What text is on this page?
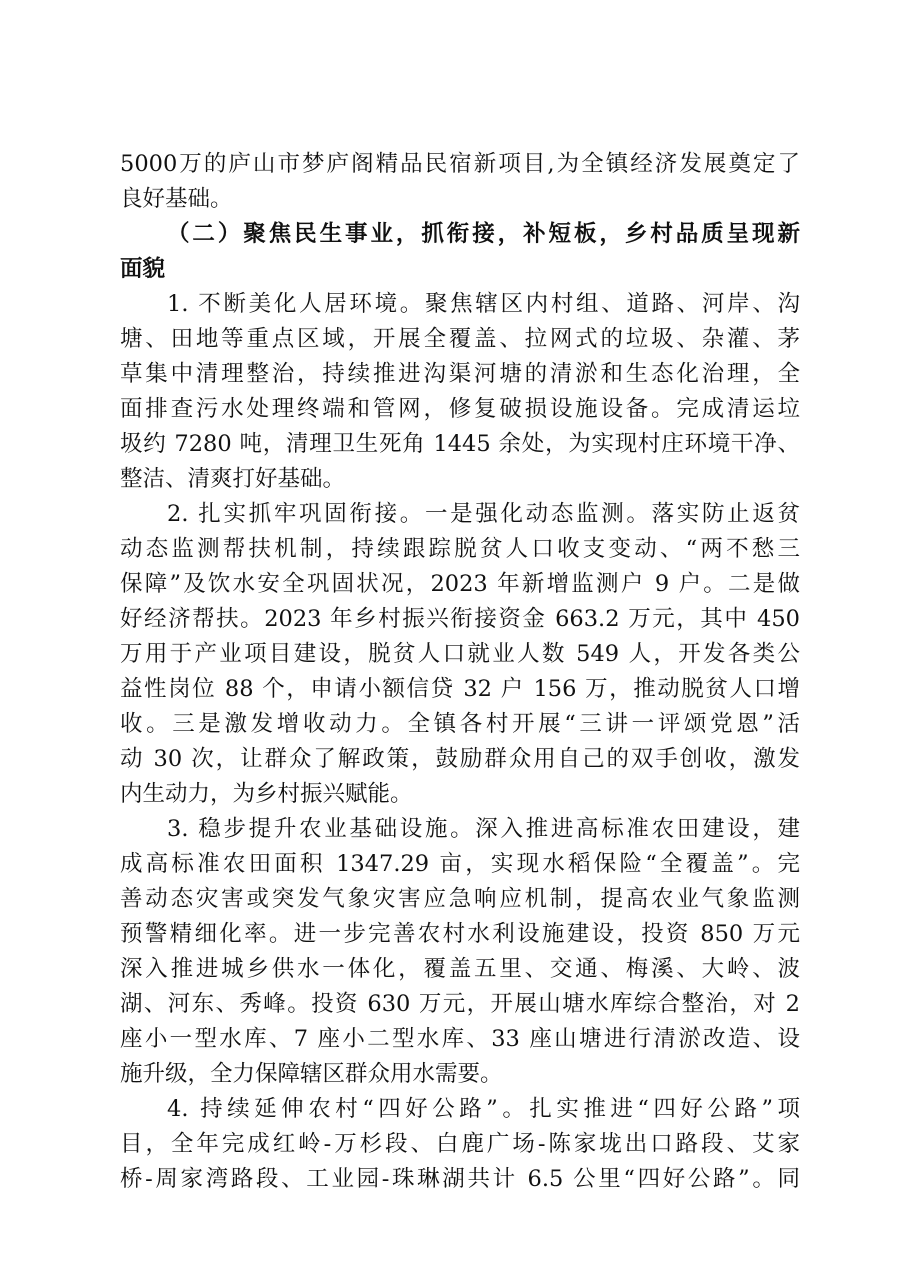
5000万的庐山市梦庐阁精品民宿新项目,为全镇经济发展奠定了
良好基础。
（二）聚焦民生事业，抓衔接，补短板，乡村品质呈现新
面貌
1. 不断美化人居环境。聚焦辖区内村组、道路、河岸、沟
塘、田地等重点区域，开展全覆盖、拉网式的垃圾、杂灌、茅
草集中清理整治，持续推进沟渠河塘的清淤和生态化治理，全
面排查污水处理终端和管网，修复破损设施设备。完成清运垃
圾约 7280 吨，清理卫生死角 1445 余处，为实现村庄环境干净、
整洁、清爽打好基础。
2. 扎实抓牢巩固衔接。一是强化动态监测。落实防止返贫
动态监测帮扶机制，持续跟踪脱贫人口收支变动、“两不愁三
保障”及饮水安全巩固状况，2023 年新增监测户 9 户。二是做
好经济帮扶。2023 年乡村振兴衔接资金 663.2 万元，其中 450
万用于产业项目建设，脱贫人口就业人数 549 人，开发各类公
益性岗位 88 个，申请小额信贷 32 户 156 万，推动脱贫人口增
收。三是激发增收动力。全镇各村开展“三讲一评颂党恩”活
动 30 次，让群众了解政策，鼓励群众用自己的双手创收，激发
内生动力，为乡村振兴赋能。
3. 稳步提升农业基础设施。深入推进高标准农田建设，建
成高标准农田面积 1347.29 亩，实现水稻保险“全覆盖”。完
善动态灾害或突发气象灾害应急响应机制，提高农业气象监测
预警精细化率。进一步完善农村水利设施建设，投资 850 万元
深入推进城乡供水一体化，覆盖五里、交通、梅溪、大岭、波
湖、河东、秀峰。投资 630 万元，开展山塘水库综合整治，对 2
座小一型水库、7 座小二型水库、33 座山塘进行清淤改造、设
施升级，全力保障辖区群众用水需要。
4. 持续延伸农村“四好公路”。扎实推进“四好公路”项
目，全年完成红岭-万杉段、白鹿广场-陈家垅出口路段、艾家
桥-周家湾路段、工业园-珠琳湖共计 6.5 公里“四好公路”。同
